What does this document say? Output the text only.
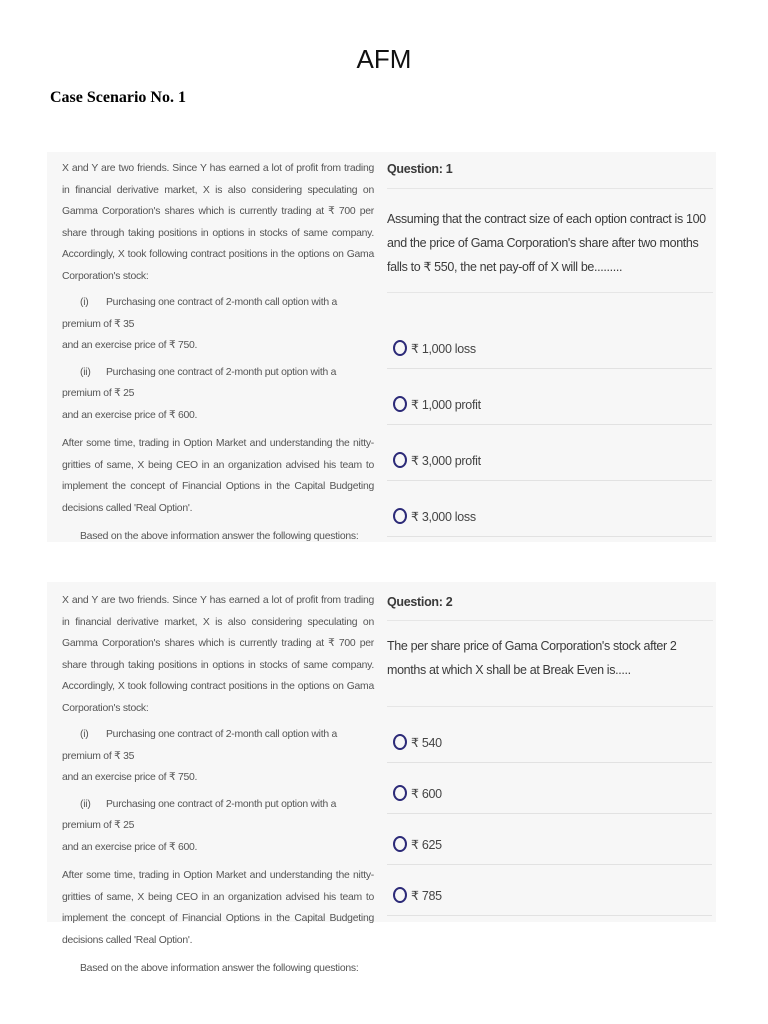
AFM
Case Scenario No. 1

X and Y are two friends. Since Y has earned a lot of profit from trading in financial derivative market, X is also considering speculating on Gamma Corporation's shares which is currently trading at ₹ 700 per share through taking positions in options in stocks of same company. Accordingly, X took following contract positions in the options on Gama Corporation's stock:

(i) Purchasing one contract of 2-month call option with a premium of ₹ 35
and an exercise price of ₹ 750.
(ii) Purchasing one contract of 2-month put option with a premium of ₹ 25
and an exercise price of ₹ 600.

After some time, trading in Option Market and understanding the nitty-gritties of same, X being CEO in an organization advised his team to implement the concept of Financial Options in the Capital Budgeting decisions called 'Real Option'.

Based on the above information answer the following questions:

Question: 1
Assuming that the contract size of each option contract is 100 and the price of Gama Corporation's share after two months falls to ₹ 550, the net pay-off of X will be.........
₹ 1,000 loss
₹ 1,000 profit
₹ 3,000 profit
₹ 3,000 loss

X and Y are two friends. Since Y has earned a lot of profit from trading in financial derivative market, X is also considering speculating on Gamma Corporation's shares which is currently trading at ₹ 700 per share through taking positions in options in stocks of same company. Accordingly, X took following contract positions in the options on Gama Corporation's stock:

(i) Purchasing one contract of 2-month call option with a premium of ₹ 35
and an exercise price of ₹ 750.
(ii) Purchasing one contract of 2-month put option with a premium of ₹ 25
and an exercise price of ₹ 600.

After some time, trading in Option Market and understanding the nitty-gritties of same, X being CEO in an organization advised his team to implement the concept of Financial Options in the Capital Budgeting decisions called 'Real Option'.

Based on the above information answer the following questions:

Question: 2
The per share price of Gama Corporation's stock after 2 months at which X shall be at Break Even is.....
₹ 540
₹ 600
₹ 625
₹ 785
